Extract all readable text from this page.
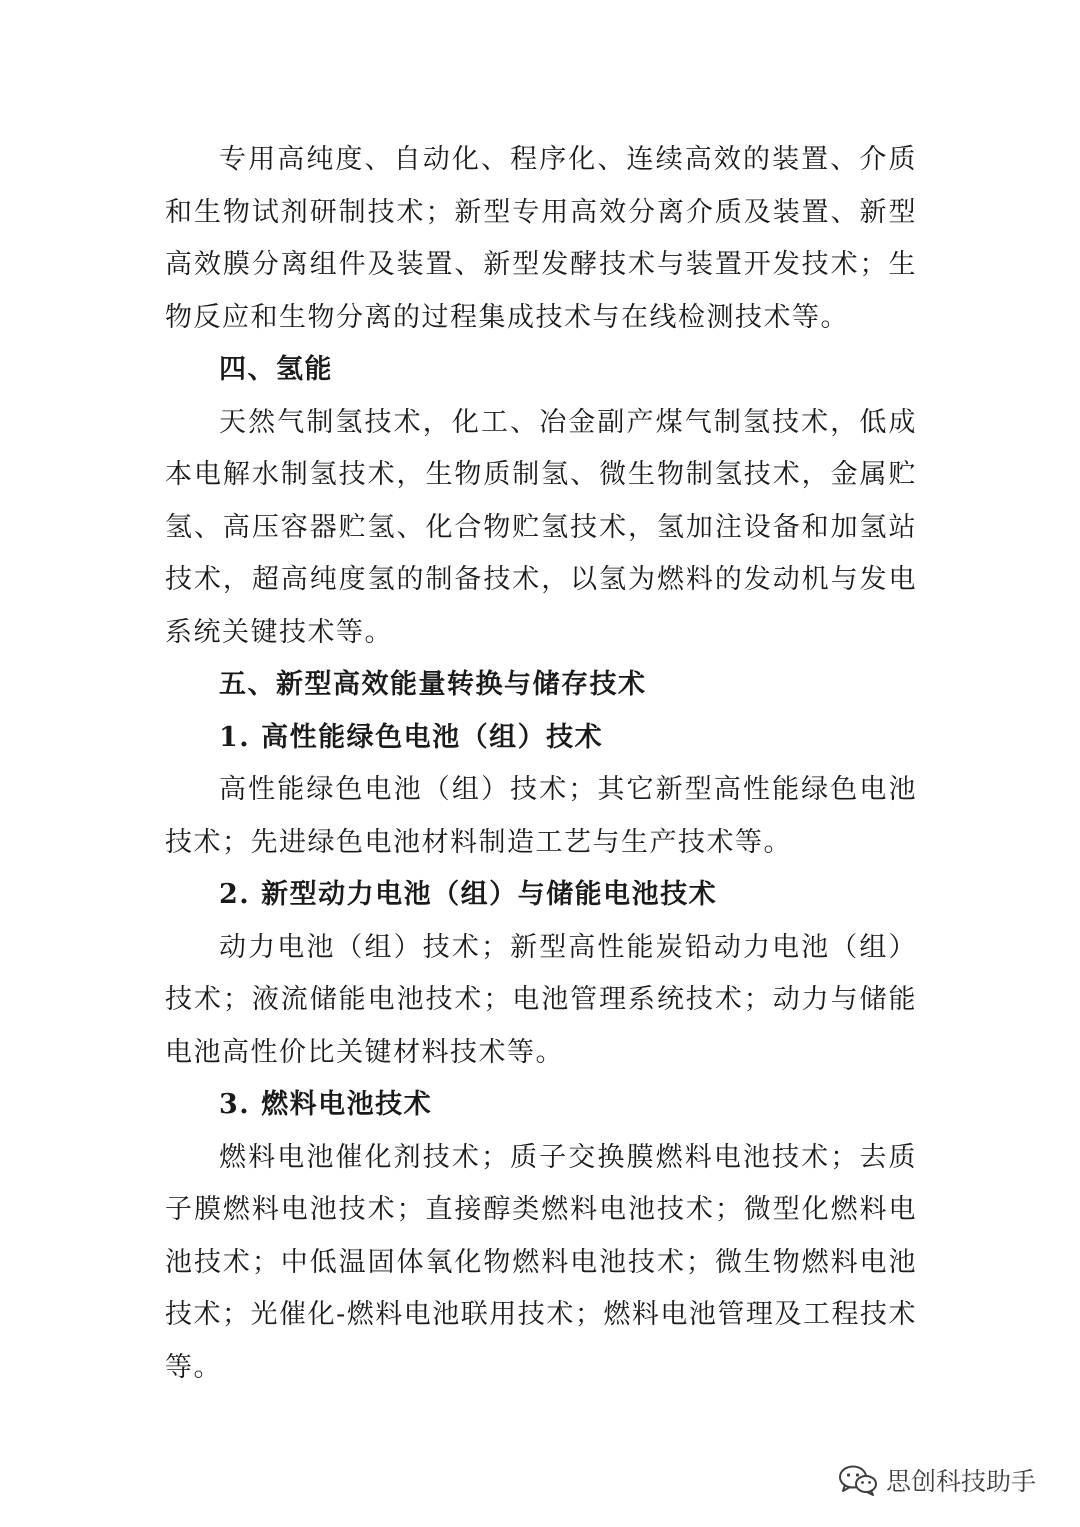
专用高纯度、自动化、程序化、连续高效的装置、介质和生物试剂研制技术；新型专用高效分离介质及装置、新型高效膜分离组件及装置、新型发酵技术与装置开发技术；生物反应和生物分离的过程集成技术与在线检测技术等。

四、氢能

天然气制氢技术，化工、冶金副产煤气制氢技术，低成本电解水制氢技术，生物质制氢、微生物制氢技术，金属贮氢、高压容器贮氢、化合物贮氢技术，氢加注设备和加氢站技术，超高纯度氢的制备技术，以氢为燃料的发动机与发电系统关键技术等。

五、新型高效能量转换与储存技术

1. 高性能绿色电池（组）技术

高性能绿色电池（组）技术；其它新型高性能绿色电池技术；先进绿色电池材料制造工艺与生产技术等。

2. 新型动力电池（组）与储能电池技术

动力电池（组）技术；新型高性能炭铅动力电池（组）技术；液流储能电池技术；电池管理系统技术；动力与储能电池高性价比关键材料技术等。

3. 燃料电池技术

燃料电池催化剂技术；质子交换膜燃料电池技术；去质子膜燃料电池技术；直接醇类燃料电池技术；微型化燃料电池技术；中低温固体氧化物燃料电池技术；微生物燃料电池技术；光催化-燃料电池联用技术；燃料电池管理及工程技术等。

思创科技助手
